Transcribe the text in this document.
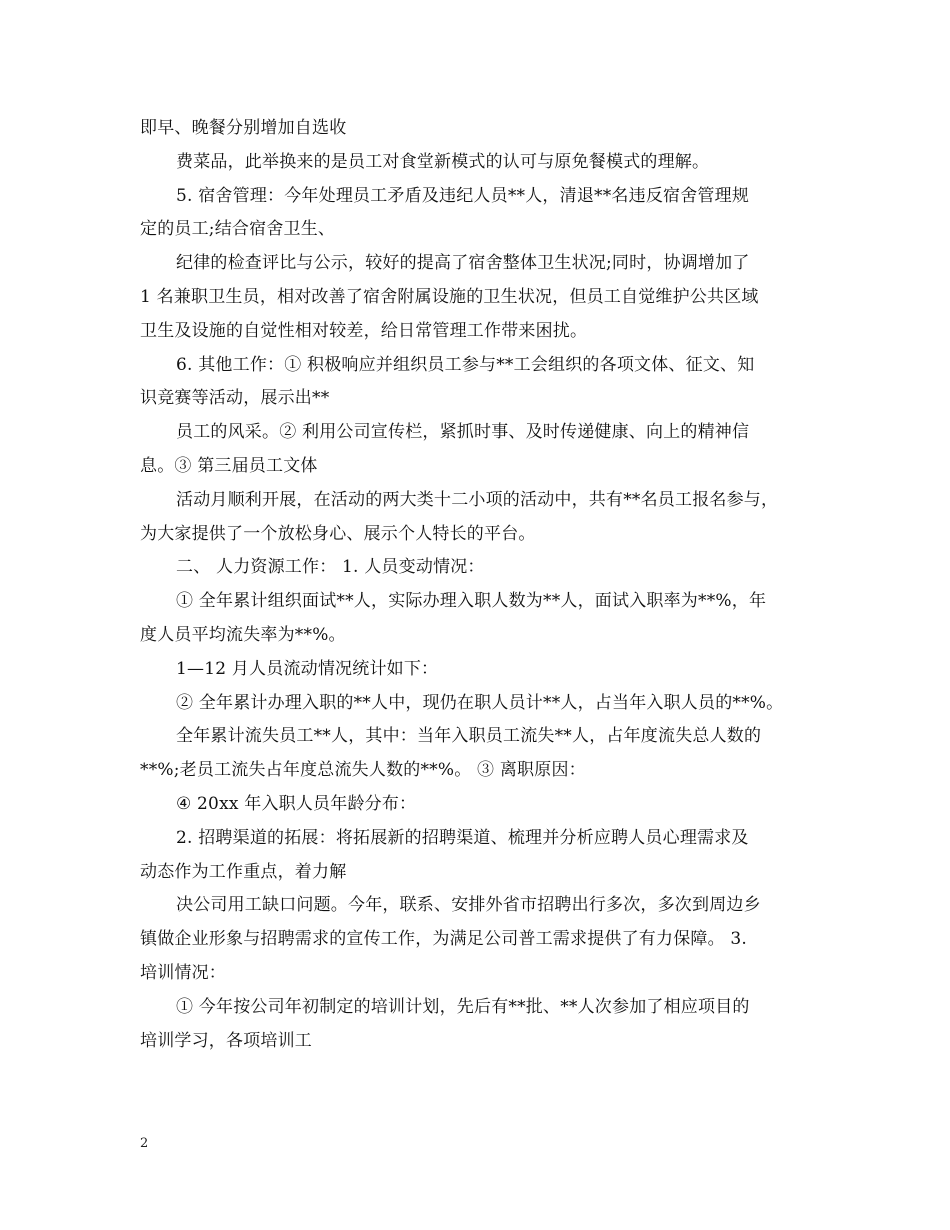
即早、晚餐分别增加自选收
费菜品，此举换来的是员工对食堂新模式的认可与原免餐模式的理解。
5. 宿舍管理：今年处理员工矛盾及违纪人员**人，清退**名违反宿舍管理规
定的员工;结合宿舍卫生、
纪律的检查评比与公示，较好的提高了宿舍整体卫生状况;同时，协调增加了
1 名兼职卫生员，相对改善了宿舍附属设施的卫生状况，但员工自觉维护公共区域
卫生及设施的自觉性相对较差，给日常管理工作带来困扰。
6. 其他工作：① 积极响应并组织员工参与**工会组织的各项文体、征文、知
识竞赛等活动，展示出**
员工的风采。② 利用公司宣传栏，紧抓时事、及时传递健康、向上的精神信
息。③ 第三届员工文体
活动月顺利开展，在活动的两大类十二小项的活动中，共有**名员工报名参与，
为大家提供了一个放松身心、展示个人特长的平台。
二、 人力资源工作： 1. 人员变动情况：
① 全年累计组织面试**人，实际办理入职人数为**人，面试入职率为**%，年
度人员平均流失率为**%。
1—12 月人员流动情况统计如下：
② 全年累计办理入职的**人中，现仍在职人员计**人，占当年入职人员的**%。
全年累计流失员工**人，其中：当年入职员工流失**人，占年度流失总人数的
**%;老员工流失占年度总流失人数的**%。 ③ 离职原因：
④ 20xx 年入职人员年龄分布：
2. 招聘渠道的拓展：将拓展新的招聘渠道、梳理并分析应聘人员心理需求及
动态作为工作重点，着力解
决公司用工缺口问题。今年，联系、安排外省市招聘出行多次，多次到周边乡
镇做企业形象与招聘需求的宣传工作，为满足公司普工需求提供了有力保障。 3.
培训情况：
① 今年按公司年初制定的培训计划，先后有**批、**人次参加了相应项目的
培训学习，各项培训工
2
